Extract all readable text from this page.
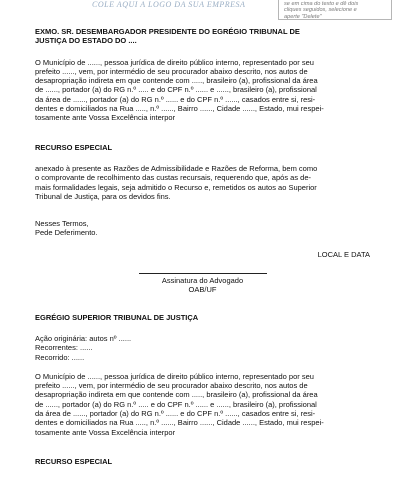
COLE AQUI A LOGO DA SUA EMPRESA	se em cima do texto e dê dois
cliques seguidos, selecione e
aperte "Delete"
EXMO. SR. DESEMBARGADOR PRESIDENTE DO EGRÉGIO TRIBUNAL DE
JUSTIÇA DO ESTADO DO ....
O Município de ......, pessoa jurídica de direito público interno, representado por seu
prefeito ......, vem, por intermédio de seu procurador abaixo descrito, nos autos de
desapropriação indireta em que contende com ....., brasileiro (a), profissional da área
de ......, portador (a) do RG n.º ..... e do CPF n.º ...... e ......, brasileiro (a), profissional
da área de ......, portador (a) do RG n.º ...... e do CPF n.º ......, casados entre si, resi-
dentes e domiciliados na Rua ....., n.º ......, Bairro ......, Cidade ......, Estado, mui respei-
tosamente ante Vossa Excelência interpor
RECURSO ESPECIAL
anexado à presente as Razões de Admissibilidade e Razões de Reforma, bem como
o comprovante de recolhimento das custas recursais, requerendo que, após as de-
mais formalidades legais, seja admitido o Recurso e, remetidos os autos ao Superior
Tribunal de Justiça, para os devidos fins.
Nesses Termos,
Pede Deferimento.
LOCAL E DATA
Assinatura do Advogado
OAB/UF
EGRÉGIO SUPERIOR TRIBUNAL DE JUSTIÇA
Ação originária: autos nº ......
Recorrentes: ......
Recorrido: ......
O Município de ......, pessoa jurídica de direito público interno, representado por seu
prefeito ......, vem, por intermédio de seu procurador abaixo descrito, nos autos de
desapropriação indireta em que contende com ....., brasileiro (a), profissional da área
de ......, portador (a) do RG n.º ..... e do CPF n.º ...... e ......, brasileiro (a), profissional
da área de ......, portador (a) do RG n.º ...... e do CPF n.º ......, casados entre si, resi-
dentes e domiciliados na Rua ....., n.º ......, Bairro ......, Cidade ......, Estado, mui respei-
tosamente ante Vossa Excelência interpor
RECURSO ESPECIAL
